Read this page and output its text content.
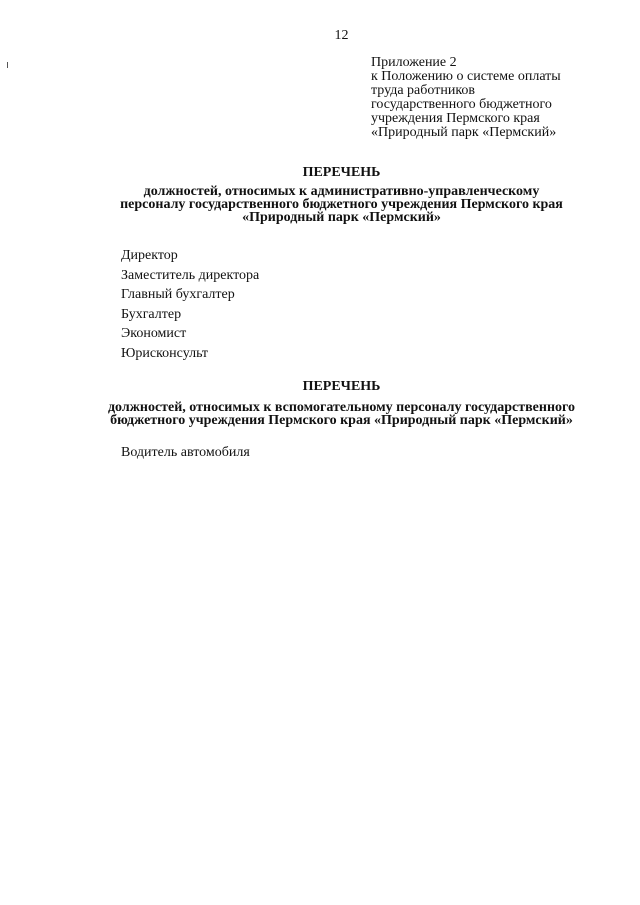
12
Приложение 2
к Положению о системе оплаты
труда работников
государственного бюджетного
учреждения Пермского края
«Природный парк «Пермский»
ПЕРЕЧЕНЬ
должностей, относимых к административно-управленческому
персоналу государственного бюджетного учреждения Пермского края
«Природный парк «Пермский»
Директор
Заместитель директора
Главный бухгалтер
Бухгалтер
Экономист
Юрисконсульт
ПЕРЕЧЕНЬ
должностей, относимых к вспомогательному персоналу государственного
бюджетного учреждения Пермского края «Природный парк «Пермский»
Водитель автомобиля
